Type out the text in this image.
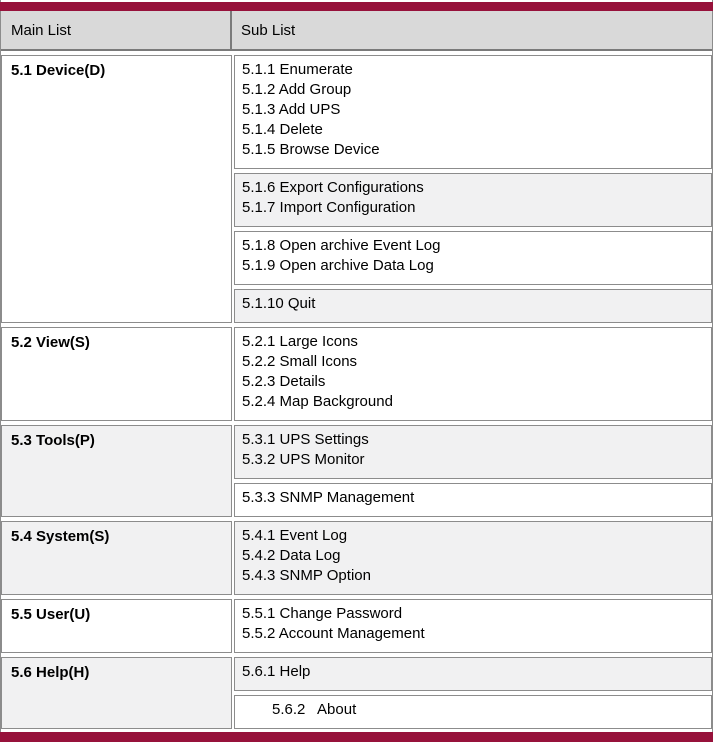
Main List	Sub List
5.1 Device(D)	5.1.1 Enumerate
5.1.2 Add Group
5.1.3 Add UPS
5.1.4 Delete
5.1.5 Browse Device
5.1.6 Export Configurations
5.1.7 Import Configuration
5.1.8 Open archive Event Log
5.1.9 Open archive Data Log
5.1.10 Quit
5.2 View(S)	5.2.1 Large Icons
5.2.2 Small Icons
5.2.3 Details
5.2.4 Map Background
5.3 Tools(P)	5.3.1 UPS Settings
5.3.2 UPS Monitor
5.3.3 SNMP Management
5.4 System(S)	5.4.1 Event Log
5.4.2 Data Log
5.4.3 SNMP Option
5.5 User(U)	5.5.1 Change Password
5.5.2 Account Management
5.6 Help(H)	5.6.1 Help
5.6.2   About
